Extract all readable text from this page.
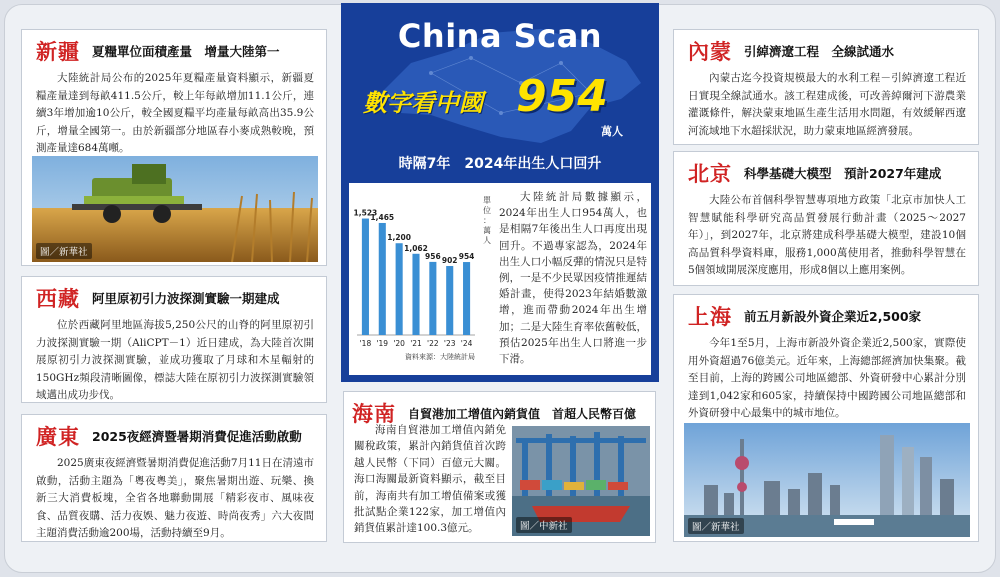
新疆 夏糧單位面積產量　增量大陸第一
大陸統計局公布的2025年夏糧產量資料顯示，新疆夏糧產量達到每畝411.5公斤，較上年每畝增加11.1公斤，連續3年增加逾10公斤，較全國夏糧平均產量每畝高出35.9公斤，增量全國第一。由於新疆部分地區春小麥成熟較晚，預測產量達684萬噸。
圖／新華社
西藏 阿里原初引力波探測實驗一期建成
位於西藏阿里地區海拔5,250公尺的山脊的阿里原初引力波探測實驗一期（AliCPT－1）近日建成，為大陸首次開展原初引力波探測實驗，並成功獲取了月球和木星輻射的150GHz頻段清晰圖像，標誌大陸在原初引力波探測實驗領域邁出成功步伐。
廣東 2025夜經濟暨暑期消費促進活動啟動
2025廣東夜經濟暨暑期消費促進活動7月11日在清遠市啟動，活動主題為「粵夜粵美」，聚焦暑期出遊、玩樂、換新三大消費板塊，全省各地聯動開展「精彩夜市、風味夜食、品質夜購、活力夜娛、魅力夜遊、時尚夜秀」六大夜間主題消費活動逾200場，活動持續至9月。
China Scan
數字看中國 954
萬人
時隔7年　2024年出生人口回升
1,523
'18
1,465
'19
1,200
'20
1,062
'21
956
'22
902
'23
954
'24
資料來源：大陸統計局
單
位
：
萬
人
大陸統計局數據顯示，2024年出生人口954萬人，也是相隔7年後出生人口再度出現回升。不過專家認為，2024年出生人口小幅反彈的情況只是特例，一是不少民眾因疫情推遲結婚計畫，使得2023年結婚數激增，進而帶動2024年出生增加；二是大陸生育率依舊較低，預估2025年出生人口將進一步下滑。
海南 自貿港加工增值內銷貨值　首超人民幣百億
海南自貿港加工增值內銷免關稅政策，累計內銷貨值首次跨越人民幣（下同）百億元大關。海口海關最新資料顯示，截至目前，海南共有加工增值備案或獲批試點企業122家，加工增值內銷貨值累計達100.3億元。	圖／中新社
內蒙 引綽濟遼工程　全線試通水
內蒙古迄今投資規模最大的水利工程－引綽濟遼工程近日實現全線試通水。該工程建成後，可改善綽爾河下游農業灌溉條件，解決蒙東地區生產生活用水問題，有效緩解西遼河流域地下水超採狀況，助力蒙東地區經濟發展。
北京 科學基礎大模型　預計2027年建成
大陸公布首個科學智慧專項地方政策「北京市加快人工智慧賦能科學研究高品質發展行動計畫（2025～2027年）」，到2027年，北京將建成科學基礎大模型，建設10個高品質科學資料庫，服務1,000萬使用者，推動科學智慧在5個領域開展深度應用，形成8個以上應用案例。
上海 前五月新設外資企業近2,500家
今年1至5月，上海市新設外資企業近2,500家，實際使用外資超過76億美元。近年來，上海總部經濟加快集聚。截至目前，上海的跨國公司地區總部、外資研發中心累計分別達到1,042家和605家，持續保持中國跨國公司地區總部和外資研發中心最集中的城市地位。
圖／新華社
